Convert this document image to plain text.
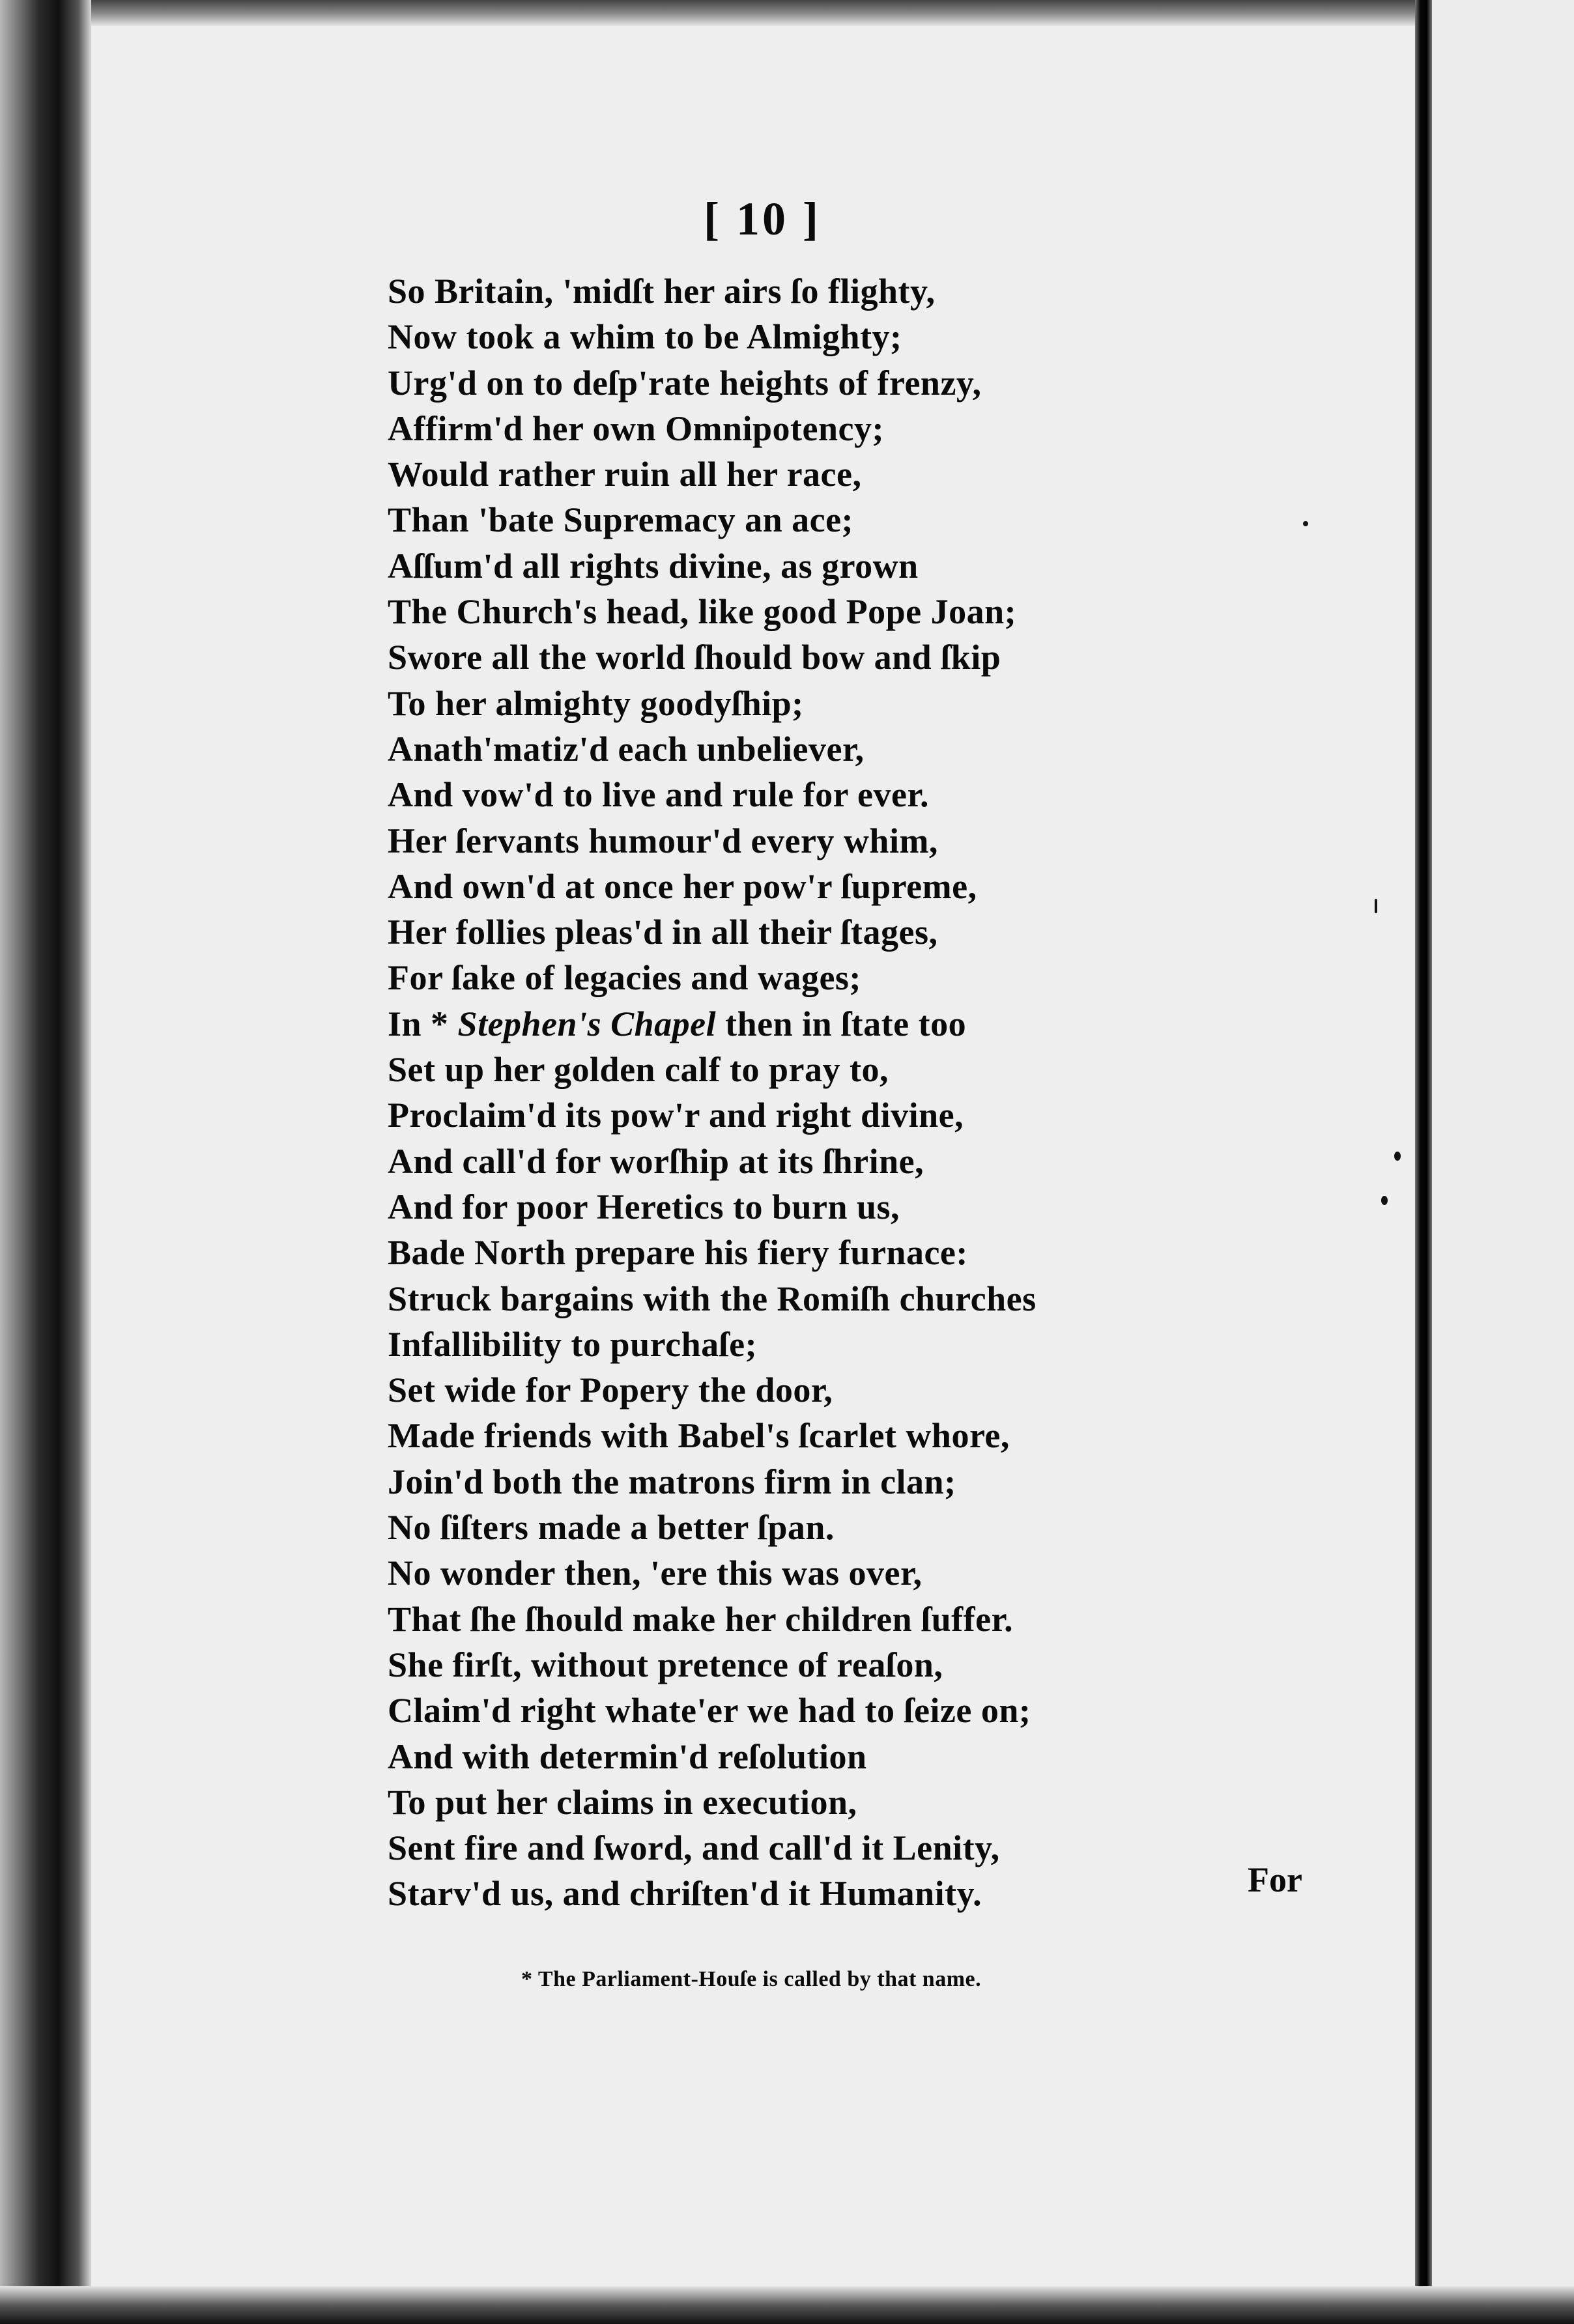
[ 10 ]
So Britain, 'midſt her airs ſo flighty,
Now took a whim to be Almighty;
Urg'd on to deſp'rate heights of frenzy,
Affirm'd her own Omnipotency;
Would rather ruin all her race,
Than 'bate Supremacy an ace;
Aſſum'd all rights divine, as grown
The Church's head, like good Pope Joan;
Swore all the world ſhould bow and ſkip
To her almighty goodyſhip;
Anath'matiz'd each unbeliever,
And vow'd to live and rule for ever.
Her ſervants humour'd every whim,
And own'd at once her pow'r ſupreme,
Her follies pleas'd in all their ſtages,
For ſake of legacies and wages;
In * Stephen's Chapel then in ſtate too
Set up her golden calf to pray to,
Proclaim'd its pow'r and right divine,
And call'd for worſhip at its ſhrine,
And for poor Heretics to burn us,
Bade North prepare his fiery furnace:
Struck bargains with the Romiſh churches
Infallibility to purchaſe;
Set wide for Popery the door,
Made friends with Babel's ſcarlet whore,
Join'd both the matrons firm in clan;
No ſiſters made a better ſpan.
No wonder then, 'ere this was over,
That ſhe ſhould make her children ſuffer.
She firſt, without pretence of reaſon,
Claim'd right whate'er we had to ſeize on;
And with determin'd reſolution
To put her claims in execution,
Sent fire and ſword, and call'd it Lenity,
Starv'd us, and chriſten'd it Humanity.	For
* The Parliament-Houſe is called by that name.
